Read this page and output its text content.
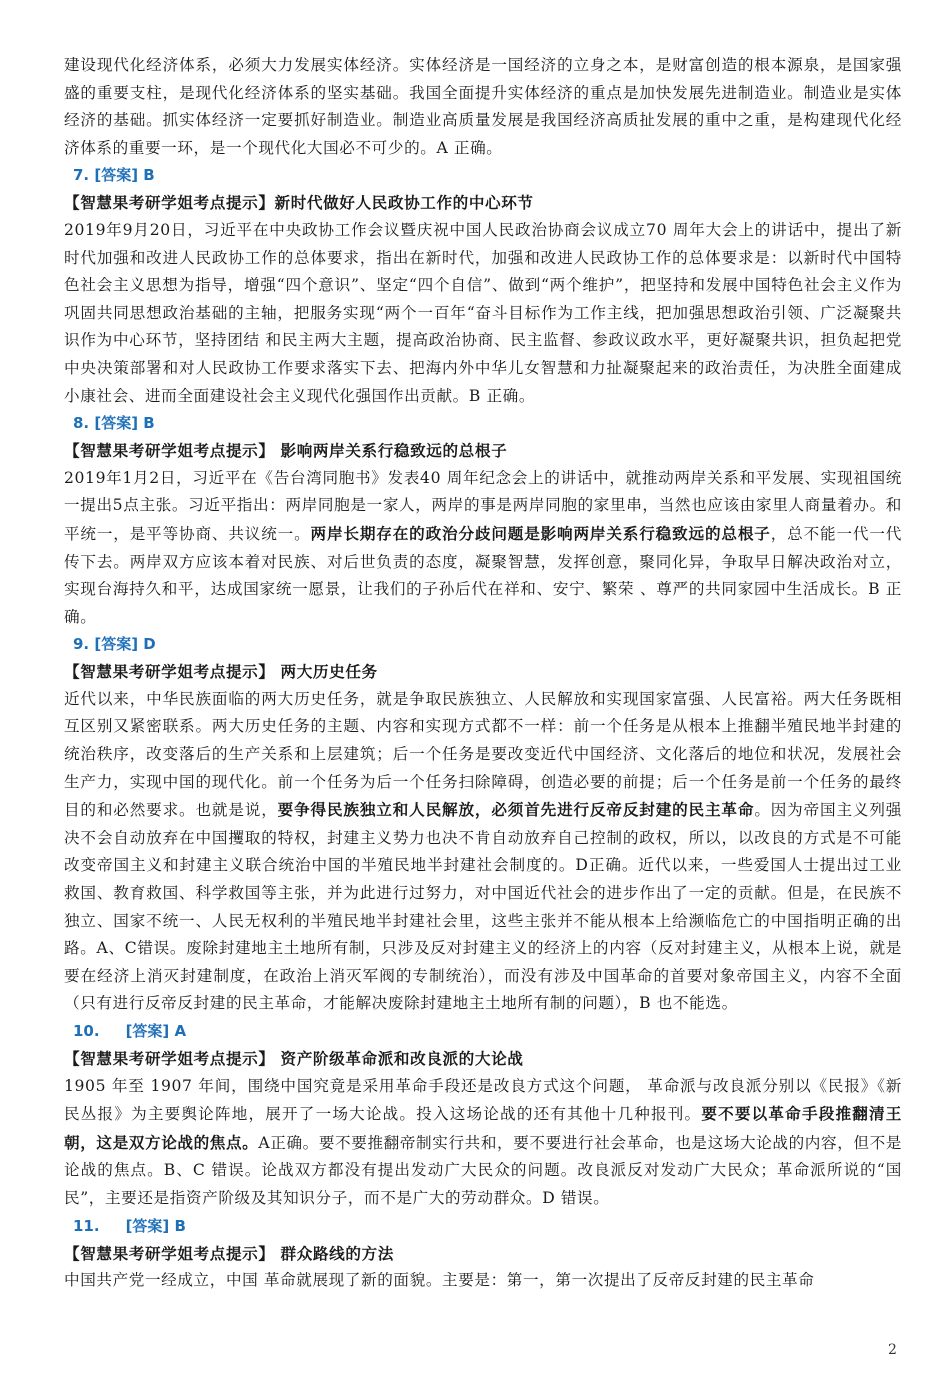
建设现代化经济体系，必须大力发展实体经济。实体经济是一国经济的立身之本，是财富创造的根本源泉，是国家强盛的重要支柱，是现代化经济体系的坚实基础。我国全面提升实体经济的重点是加快发展先进制造业。制造业是实体经济的基础。抓实体经济一定要抓好制造业。制造业高质量发展是我国经济高质扯发展的重中之重，是构建现代化经济体系的重要一环，是一个现代化大国必不可少的。A 正确。

7. [答案] B
【智慧果考研学姐考点提示】新时代做好人民政协工作的中心环节

2019年9月20日，习近平在中央政协工作会议暨庆祝中国人民政治协商会议成立70 周年大会上的讲话中，提出了新时代加强和改进人民政协工作的总体要求，指出在新时代，加强和改进人民政协工作的总体要求是：以新时代中国特色社会主义思想为指导，增强“四个意识”、坚定“四个自信”、做到“两个维护”，把坚持和发展中国特色社会主义作为巩固共同思想政治基础的主轴，把服务实现“两个一百年“奋斗目标作为工作主线，把加强思想政治引领、广泛凝聚共识作为中心环节，坚持团结 和民主两大主题，提高政治协商、民主监督、参政议政水平，更好凝聚共识，担负起把党中央决策部署和对人民政协工作要求落实下去、把海内外中华儿女智慧和力扯凝聚起来的政治责任，为决胜全面建成小康社会、进而全面建设社会主义现代化强国作出贡献。B 正确。

8. [答案] B
【智慧果考研学姐考点提示】 影响两岸关系行稳致远的总根子

2019年1月2日，习近平在《告台湾同胞书》发表40 周年纪念会上的讲话中，就推动两岸关系和平发展、实现祖国统一提出5点主张。习近平指出：两岸同胞是一家人，两岸的事是两岸同胞的家里串，当然也应该由家里人商量着办。和平统一，是平等协商、共议统一。两岸长期存在的政治分歧问题是影响两岸关系行稳致远的总根子，总不能一代一代传下去。两岸双方应该本着对民族、对后世负责的态度，凝聚智慧，发挥创意，聚同化异，争取早日解决政治对立，实现台海持久和平，达成国家统一愿景，让我们的子孙后代在祥和、安宁、繁荣 、尊严的共同家园中生活成长。B 正确。

9. [答案] D
【智慧果考研学姐考点提示】 两大历史任务

近代以来，中华民族面临的两大历史任务，就是争取民族独立、人民解放和实现国家富强、人民富裕。两大任务既相互区别又紧密联系。两大历史任务的主题、内容和实现方式都不一样：前一个任务是从根本上推翻半殖民地半封建的统治秩序，改变落后的生产关系和上层建筑；后一个任务是要改变近代中国经济、文化落后的地位和状况，发展社会生产力，实现中国的现代化。前一个任务为后一个任务扫除障碍，创造必要的前提；后一个任务是前一个任务的最终目的和必然要求。也就是说，要争得民族独立和人民解放，必须首先进行反帝反封建的民主革命。因为帝国主义列强决不会自动放弃在中国攫取的特权，封建主义势力也决不肯自动放弃自己控制的政权，所以，以改良的方式是不可能改变帝国主义和封建主义联合统治中国的半殖民地半封建社会制度的。D正确。近代以来，一些爱国人士提出过工业救国、教育救国、科学救国等主张，并为此进行过努力，对中国近代社会的进步作出了一定的贡献。但是，在民族不独立、国家不统一、人民无权利的半殖民地半封建社会里，这些主张并不能从根本上给濒临危亡的中国指明正确的出路。A、C错误。废除封建地主土地所有制，只涉及反对封建主义的经济上的内容（反对封建主义，从根本上说，就是要在经济上消灭封建制度，在政治上消灭军阀的专制统治），而没有涉及中国革命的首要对象帝国主义，内容不全面（只有进行反帝反封建的民主革命，才能解决废除封建地主土地所有制的问题），B 也不能选。

10. [答案] A
【智慧果考研学姐考点提示】 资产阶级革命派和改良派的大论战

1905 年至 1907 年间，围绕中国究竟是采用革命手段还是改良方式这个问题， 革命派与改良派分别以《民报》《新民丛报》为主要舆论阵地，展开了一场大论战。投入这场论战的还有其他十几种报刊。要不要以革命手段推翻清王朝，这是双方论战的焦点。A正确。要不要推翻帝制实行共和，要不要进行社会革命，也是这场大论战的内容，但不是论战的焦点。B、C 错误。论战双方都没有提出发动广大民众的问题。改良派反对发动广大民众；革命派所说的“国民”，主要还是指资产阶级及其知识分子，而不是广大的劳动群众。D 错误。

11. [答案] B
【智慧果考研学姐考点提示】 群众路线的方法

中国共产党一经成立，中国 革命就展现了新的面貌。主要是：第一，第一次提出了反帝反封建的民主革命

2
